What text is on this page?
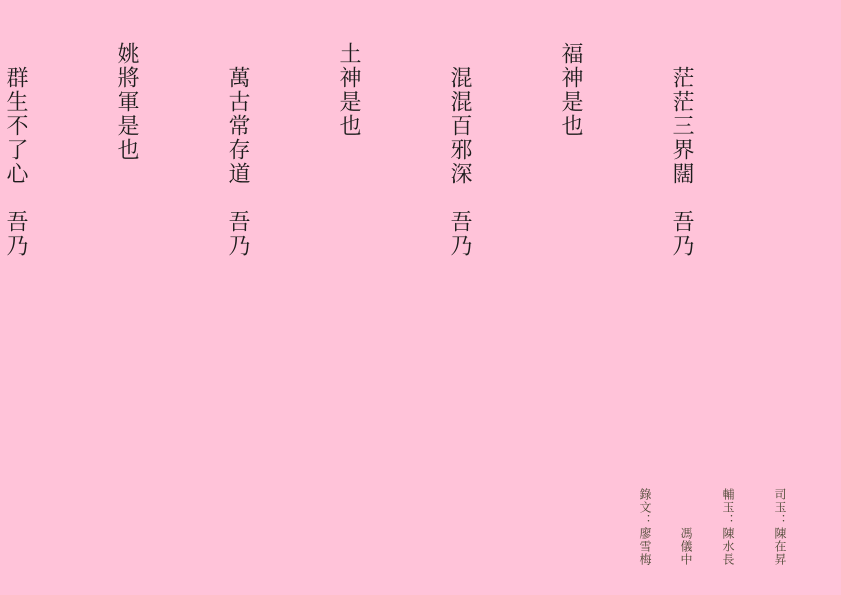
　茫茫三界闊　吾乃

福神是也

　混混百邪深　吾乃

土神是也

　萬古常存道　吾乃

姚將軍是也

　群生不了心　吾乃

司玉：陳在昇

輔玉：陳水長

　　　馮儀中

錄文：廖雪梅
